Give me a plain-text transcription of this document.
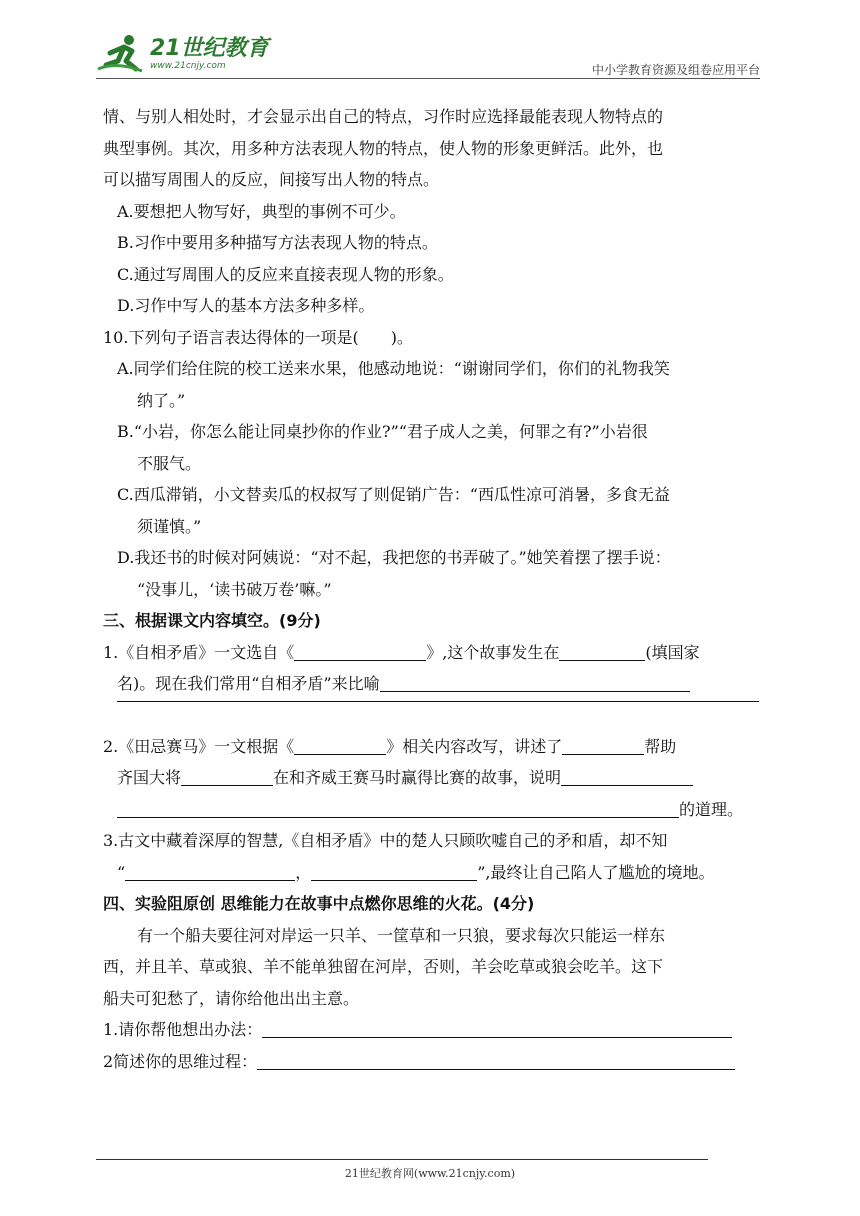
21世纪教育
www.21cnjy.com	中小学教育资源及组卷应用平台
情、与别人相处时，才会显示出自己的特点，习作时应选择最能表现人物特点的
典型事例。其次，用多种方法表现人物的特点，使人物的形象更鲜活。此外，也
可以描写周围人的反应，间接写出人物的特点。
A.要想把人物写好，典型的事例不可少。
B.习作中要用多种描写方法表现人物的特点。
C.通过写周围人的反应来直接表现人物的形象。
D.习作中写人的基本方法多种多样。
10.下列句子语言表达得体的一项是(　　)。
A.同学们给住院的校工送来水果，他感动地说：“谢谢同学们，你们的礼物我笑
纳了。”
B.“小岩，你怎么能让同桌抄你的作业?”“君子成人之美，何罪之有?”小岩很
不服气。
C.西瓜滞销，小文替卖瓜的权叔写了则促销广告：“西瓜性凉可消暑，多食无益
须谨慎。”
D.我还书的时候对阿姨说：“对不起，我把您的书弄破了。”她笑着摆了摆手说：
“没事儿，‘读书破万卷’嘛。”
三、根据课文内容填空。(9分)
1.《自相矛盾》一文选自《	》,这个故事发生在	(填国家
名)。现在我们常用“自相矛盾”来比喻
2.《田忌赛马》一文根据《	》相关内容改写，讲述了	帮助
齐国大将	在和齐威王赛马时赢得比赛的故事，说明
的道理。
3.古文中藏着深厚的智慧,《自相矛盾》中的楚人只顾吹嘘自己的矛和盾，却不知
“	，	”,最终让自己陷人了尴尬的境地。
四、实验阻原创 思维能力在故事中点燃你思维的火花。(4分)
有一个船夫要往河对岸运一只羊、一筐草和一只狼，要求每次只能运一样东
西，并且羊、草或狼、羊不能单独留在河岸，否则，羊会吃草或狼会吃羊。这下
船夫可犯愁了，请你给他出出主意。
1.请你帮他想出办法：
2简述你的思维过程：
21世纪教育网(www.21cnjy.com)
